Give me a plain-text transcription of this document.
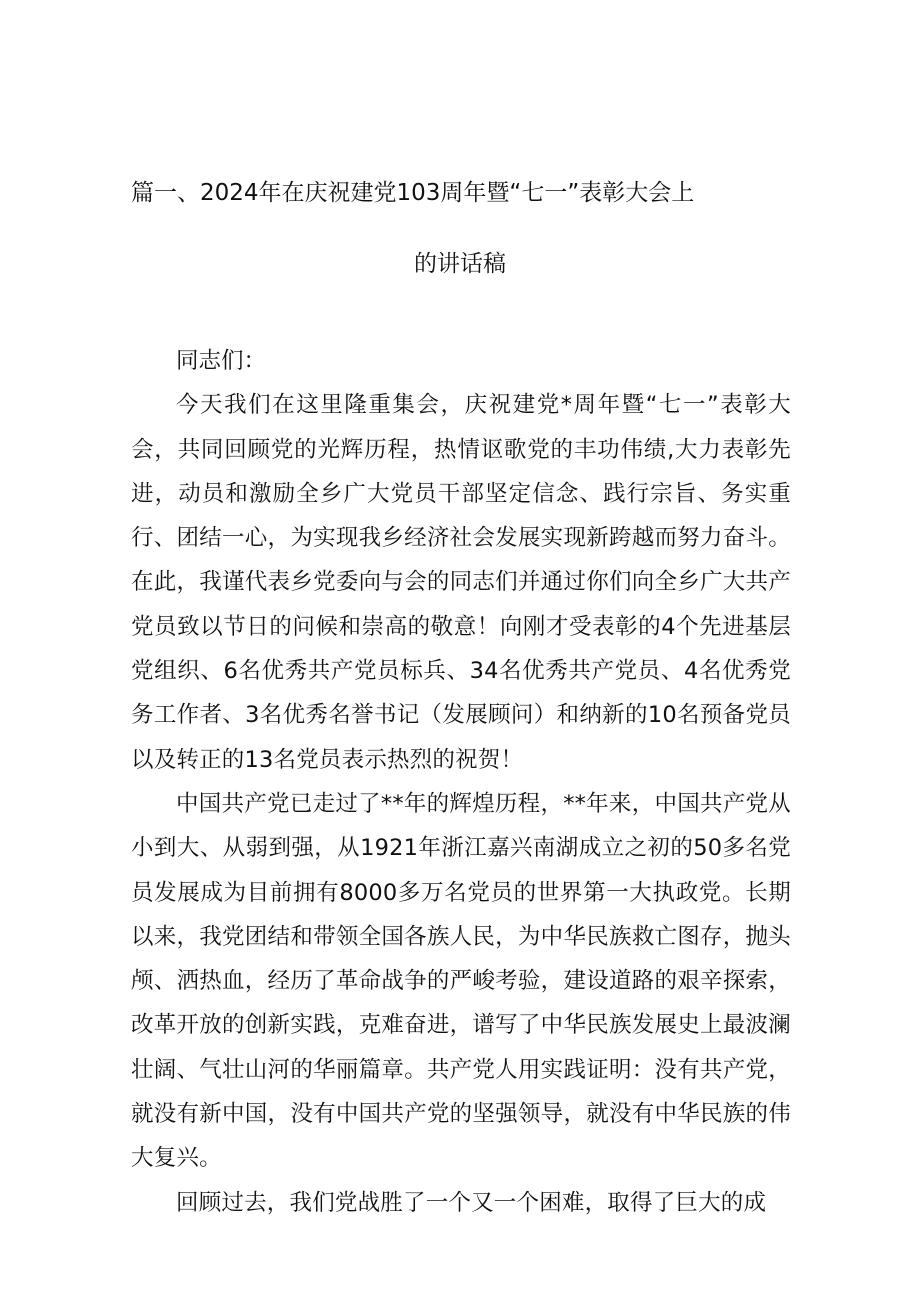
篇一、2024年在庆祝建党103周年暨“七一”表彰大会上
的讲话稿

同志们：

今天我们在这里隆重集会，庆祝建党*周年暨“七一”表彰大会，共同回顾党的光辉历程，热情讴歌党的丰功伟绩,大力表彰先进，动员和激励全乡广大党员干部坚定信念、践行宗旨、务实重行、团结一心，为实现我乡经济社会发展实现新跨越而努力奋斗。在此，我谨代表乡党委向与会的同志们并通过你们向全乡广大共产党员致以节日的问候和崇高的敬意！向刚才受表彰的4个先进基层党组织、6名优秀共产党员标兵、34名优秀共产党员、4名优秀党务工作者、3名优秀名誉书记（发展顾问）和纳新的10名预备党员以及转正的13名党员表示热烈的祝贺！

中国共产党已走过了**年的辉煌历程，**年来，中国共产党从小到大、从弱到强，从1921年浙江嘉兴南湖成立之初的50多名党员发展成为目前拥有8000多万名党员的世界第一大执政党。长期以来，我党团结和带领全国各族人民，为中华民族救亡图存，抛头颅、洒热血，经历了革命战争的严峻考验，建设道路的艰辛探索，改革开放的创新实践，克难奋进，谱写了中华民族发展史上最波澜壮阔、气壮山河的华丽篇章。共产党人用实践证明：没有共产党，就没有新中国，没有中国共产党的坚强领导，就没有中华民族的伟大复兴。

回顾过去，我们党战胜了一个又一个困难，取得了巨大的成
